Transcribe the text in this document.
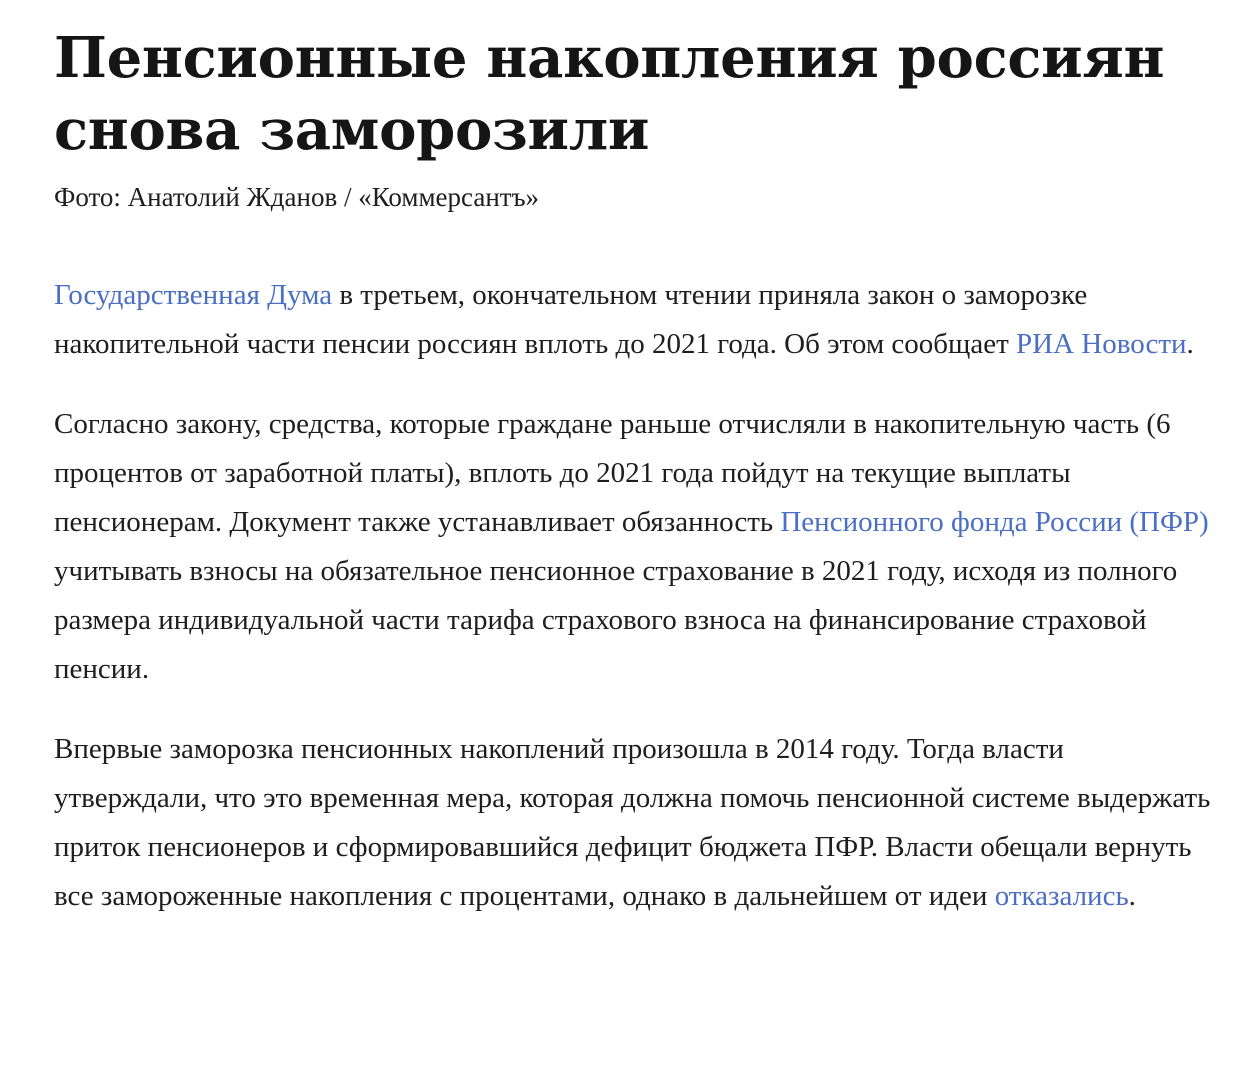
Пенсионные накопления россиян снова заморозили
Фото: Анатолий Жданов / «Коммерсантъ»

Государственная Дума в третьем, окончательном чтении приняла закон о заморозке накопительной части пенсии россиян вплоть до 2021 года. Об этом сообщает РИА Новости.

Согласно закону, средства, которые граждане раньше отчисляли в накопительную часть (6 процентов от заработной платы), вплоть до 2021 года пойдут на текущие выплаты пенсионерам. Документ также устанавливает обязанность Пенсионного фонда России (ПФР) учитывать взносы на обязательное пенсионное страхование в 2021 году, исходя из полного размера индивидуальной части тарифа страхового взноса на финансирование страховой пенсии.

Впервые заморозка пенсионных накоплений произошла в 2014 году. Тогда власти утверждали, что это временная мера, которая должна помочь пенсионной системе выдержать приток пенсионеров и сформировавшийся дефицит бюджета ПФР. Власти обещали вернуть все замороженные накопления с процентами, однако в дальнейшем от идеи отказались.
